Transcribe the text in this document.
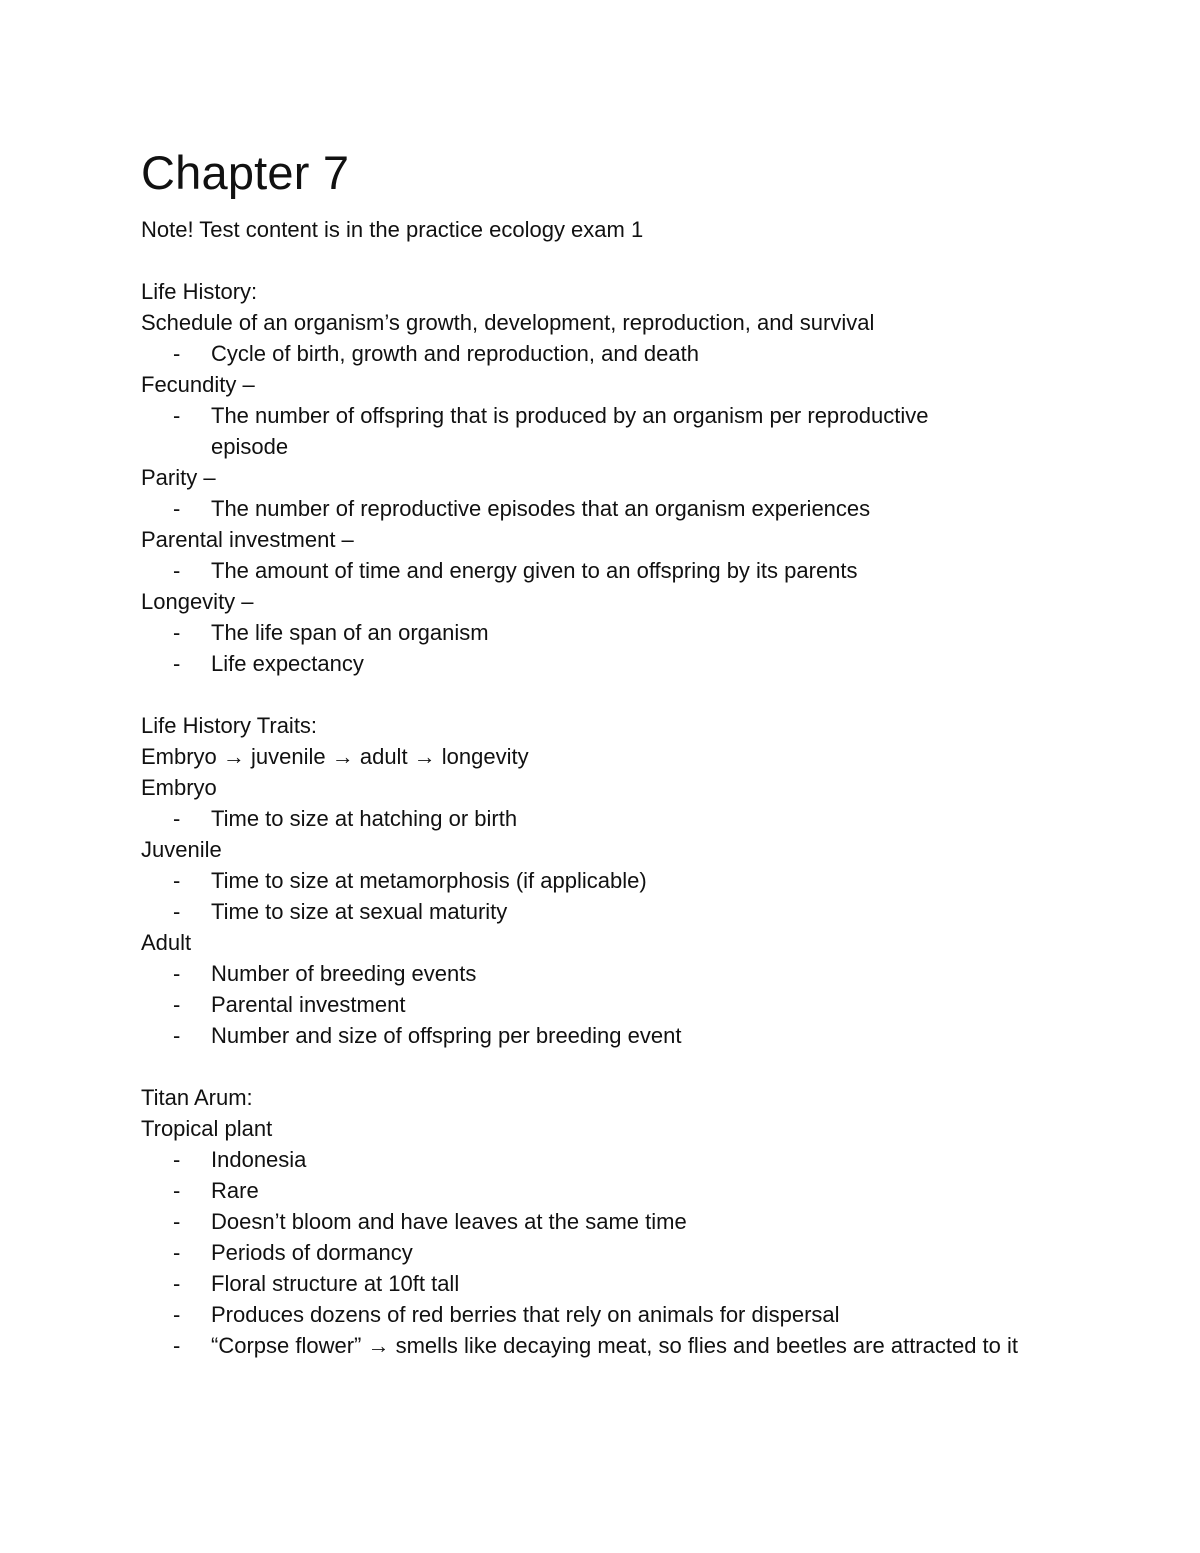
Chapter 7

Note! Test content is in the practice ecology exam 1

Life History:

Schedule of an organism’s growth, development, reproduction, and survival

- Cycle of birth, growth and reproduction, and death

Fecundity –

- The number of offspring that is produced by an organism per reproductive episode

Parity –

- The number of reproductive episodes that an organism experiences

Parental investment –

- The amount of time and energy given to an offspring by its parents

Longevity –

- The life span of an organism
- Life expectancy

Life History Traits:

Embryo → juvenile → adult → longevity

Embryo

- Time to size at hatching or birth

Juvenile

- Time to size at metamorphosis (if applicable)
- Time to size at sexual maturity

Adult

- Number of breeding events
- Parental investment
- Number and size of offspring per breeding event

Titan Arum:

Tropical plant

- Indonesia
- Rare
- Doesn’t bloom and have leaves at the same time
- Periods of dormancy
- Floral structure at 10ft tall
- Produces dozens of red berries that rely on animals for dispersal
- “Corpse flower” → smells like decaying meat, so flies and beetles are attracted to it
